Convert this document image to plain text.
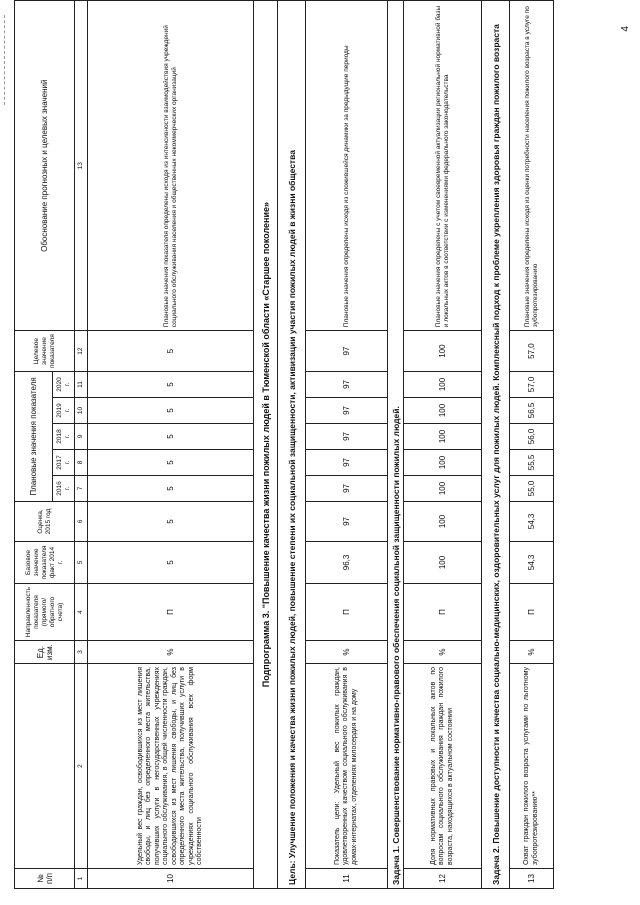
№ п/п		Ед. изм.	Направленность показателя (прямого/обратного счета)	Базовое значение показателя факт 2014 г.	Оценка, 2015 год	Плановые значения показателя					Целевое значение показателя	Обоснование прогнозных и целевых значений
						2016 г.	2017 г.	2018 г.	2019 г.	2020 г.		
1	2	3	4	5	6	7	8	9	10	11	12	13
10	Удельный вес граждан, освободившихся из мест лишения свободы, и лиц без определенного места жительства, получивших услуги в негосударственных учреждениях социального обслуживания, в общей численности граждан, освободившихся из мест лишения свободы, и лиц без определенного места жительства, получивших услуги в учреждениях социального обслуживания всех форм собственности	%	П	5	5	5	5	5	5	5	5	Плановые значения показателя определены исходя из интенсивности взаимодействия учреждений социального обслуживания населения и общественных некоммерческих организаций
Подпрограмма 3. "Повышение качества жизни пожилых людей в Тюменской области «Старшее поколение»												
Цель: Улучшение положения и качества жизни пожилых людей, повышение степени их социальной защищенности, активизации участия пожилых людей в жизни общества												
11	Показатель цели: Удельный вес пожилых граждан, удовлетворенных качеством социального обслуживания в домах-интернатах, отделениях милосердия и на дому	%	П	96,3	97	97	97	97	97	97	97	Плановые значения определены исходя из сложившейся динамики за предыдущие периоды
Задача 1. Совершенствование нормативно-правового обеспечения социальной защищенности пожилых людей.												
12	Доля нормативных правовых и локальных актов по вопросам социального обслуживания граждан пожилого возраста, находящихся в актуальном состоянии	%	П	100	100	100	100	100	100	100	100	Плановые значения определены с учетом своевременной актуализации региональной нормативной базы и локальных актов в соответствии с изменениями федерального законодательства
Задача 2. Повышение доступности и качества социально-медицинских, оздоровительных услуг для пожилых людей. Комплексный подход к проблеме укрепления здоровья граждан пожилого возраста												
13	Охват граждан пожилого возраста услугами по льготному зубопротезированию**	%	П	54,3	54,3	55,0	55,5	56,0	56,5	57,0	57,0	Плановые значения определены исходя из оценки потребности населения пожилого возраста в услуге по зубопротезированию
4
